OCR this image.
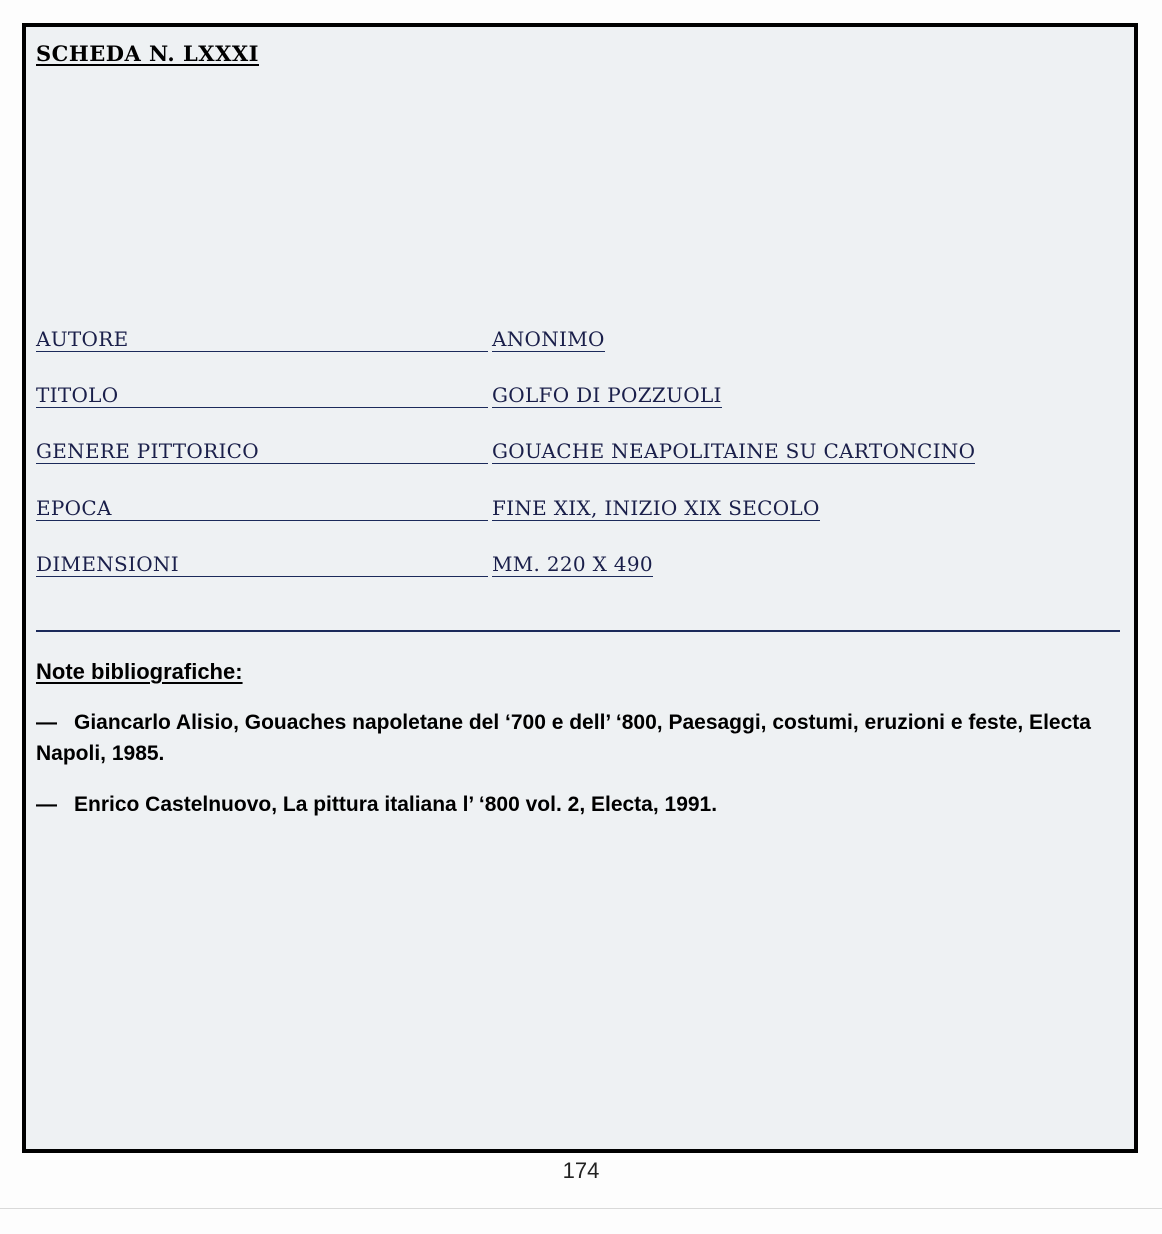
SCHEDA N. LXXXI
AUTORE	ANONIMO
TITOLO	GOLFO DI POZZUOLI
GENERE PITTORICO	GOUACHE NEAPOLITAINE SU CARTONCINO
EPOCA	FINE XIX, INIZIO XIX SECOLO
DIMENSIONI	MM. 220 X 490
Note bibliografiche:
— Giancarlo Alisio, Gouaches napoletane del ‘700 e dell’ ‘800, Paesaggi, costumi, eruzioni e feste, Electa Napoli, 1985.
— Enrico Castelnuovo, La pittura italiana l’ ‘800 vol. 2, Electa, 1991.
174
